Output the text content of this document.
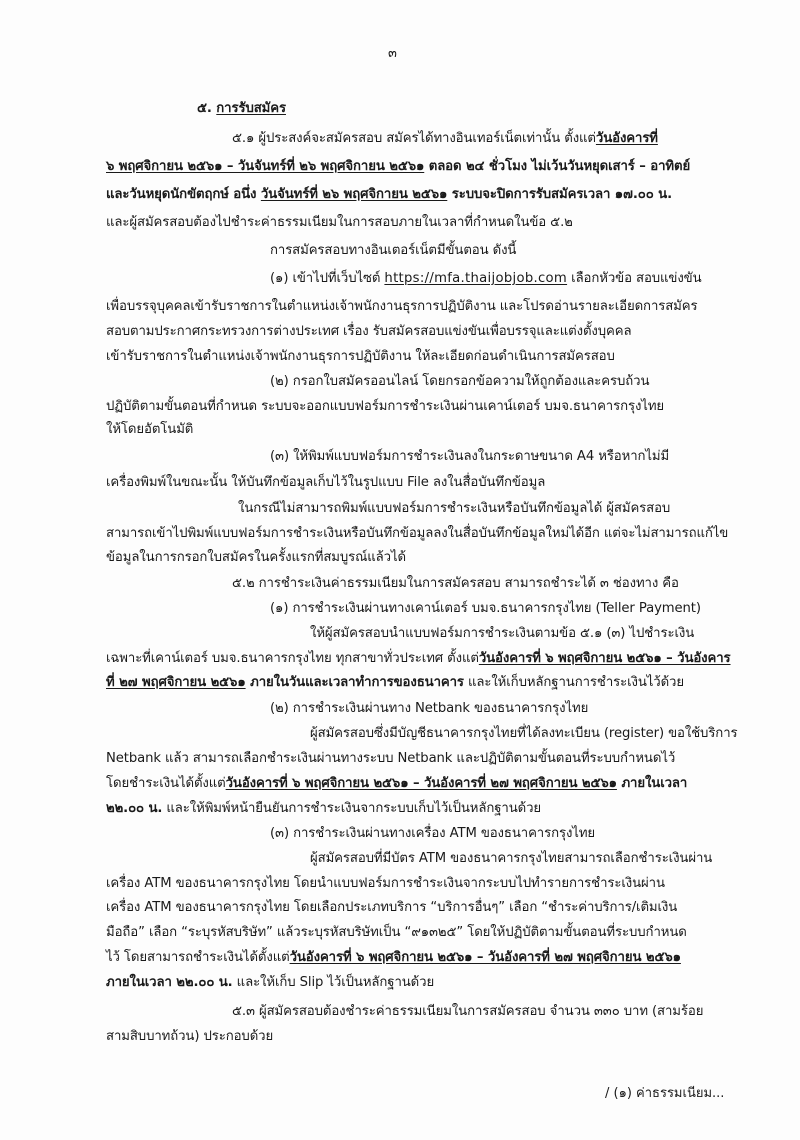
๓
๕. การรับสมัคร
๕.๑ ผู้ประสงค์จะสมัครสอบ สมัครได้ทางอินเทอร์เน็ตเท่านั้น ตั้งแต่วันอังคารที่
๖ พฤศจิกายน ๒๕๖๑ – วันจันทร์ที่ ๒๖ พฤศจิกายน ๒๕๖๑ ตลอด ๒๔ ชั่วโมง ไม่เว้นวันหยุดเสาร์ – อาทิตย์
และวันหยุดนักขัตฤกษ์ อนึ่ง วันจันทร์ที่ ๒๖ พฤศจิกายน ๒๕๖๑ ระบบจะปิดการรับสมัครเวลา ๑๗.๐๐ น.
และผู้สมัครสอบต้องไปชำระค่าธรรมเนียมในการสอบภายในเวลาที่กำหนดในข้อ ๕.๒
การสมัครสอบทางอินเตอร์เน็ตมีขั้นตอน ดังนี้
(๑) เข้าไปที่เว็บไซต์ https://mfa.thaijobjob.com เลือกหัวข้อ สอบแข่งขัน
เพื่อบรรจุบุคคลเข้ารับราชการในตำแหน่งเจ้าพนักงานธุรการปฏิบัติงาน และโปรดอ่านรายละเอียดการสมัคร
สอบตามประกาศกระทรวงการต่างประเทศ เรื่อง รับสมัครสอบแข่งขันเพื่อบรรจุและแต่งตั้งบุคคล
เข้ารับราชการในตำแหน่งเจ้าพนักงานธุรการปฏิบัติงาน ให้ละเอียดก่อนดำเนินการสมัครสอบ
(๒) กรอกใบสมัครออนไลน์ โดยกรอกข้อความให้ถูกต้องและครบถ้วน
ปฏิบัติตามขั้นตอนที่กำหนด ระบบจะออกแบบฟอร์มการชำระเงินผ่านเคาน์เตอร์ บมจ.ธนาคารกรุงไทย
ให้โดยอัตโนมัติ
(๓) ให้พิมพ์แบบฟอร์มการชำระเงินลงในกระดาษขนาด A4 หรือหากไม่มี
เครื่องพิมพ์ในขณะนั้น ให้บันทึกข้อมูลเก็บไว้ในรูปแบบ File ลงในสื่อบันทึกข้อมูล
ในกรณีไม่สามารถพิมพ์แบบฟอร์มการชำระเงินหรือบันทึกข้อมูลได้ ผู้สมัครสอบ
สามารถเข้าไปพิมพ์แบบฟอร์มการชำระเงินหรือบันทึกข้อมูลลงในสื่อบันทึกข้อมูลใหม่ได้อีก แต่จะไม่สามารถแก้ไข
ข้อมูลในการกรอกใบสมัครในครั้งแรกที่สมบูรณ์แล้วได้
๕.๒ การชำระเงินค่าธรรมเนียมในการสมัครสอบ สามารถชำระได้ ๓ ช่องทาง คือ
(๑) การชำระเงินผ่านทางเคาน์เตอร์ บมจ.ธนาคารกรุงไทย (Teller Payment)
ให้ผู้สมัครสอบนำแบบฟอร์มการชำระเงินตามข้อ ๕.๑ (๓) ไปชำระเงิน
เฉพาะที่เคาน์เตอร์ บมจ.ธนาคารกรุงไทย ทุกสาขาทั่วประเทศ ตั้งแต่วันอังคารที่ ๖ พฤศจิกายน ๒๕๖๑ – วันอังคาร
ที่ ๒๗ พฤศจิกายน ๒๕๖๑ ภายในวันและเวลาทำการของธนาคาร และให้เก็บหลักฐานการชำระเงินไว้ด้วย
(๒) การชำระเงินผ่านทาง Netbank ของธนาคารกรุงไทย
ผู้สมัครสอบซึ่งมีบัญชีธนาคารกรุงไทยที่ได้ลงทะเบียน (register) ขอใช้บริการ
Netbank แล้ว สามารถเลือกชำระเงินผ่านทางระบบ Netbank และปฏิบัติตามขั้นตอนที่ระบบกำหนดไว้
โดยชำระเงินได้ตั้งแต่วันอังคารที่ ๖ พฤศจิกายน ๒๕๖๑ – วันอังคารที่ ๒๗ พฤศจิกายน ๒๕๖๑ ภายในเวลา
๒๒.๐๐ น. และให้พิมพ์หน้ายืนยันการชำระเงินจากระบบเก็บไว้เป็นหลักฐานด้วย
(๓) การชำระเงินผ่านทางเครื่อง ATM ของธนาคารกรุงไทย
ผู้สมัครสอบที่มีบัตร ATM ของธนาคารกรุงไทยสามารถเลือกชำระเงินผ่าน
เครื่อง ATM ของธนาคารกรุงไทย โดยนำแบบฟอร์มการชำระเงินจากระบบไปทำรายการชำระเงินผ่าน
เครื่อง ATM ของธนาคารกรุงไทย โดยเลือกประเภทบริการ “บริการอื่นๆ” เลือก “ชำระค่าบริการ/เติมเงิน
มือถือ” เลือก “ระบุรหัสบริษัท” แล้วระบุรหัสบริษัทเป็น “๙๑๓๒๕” โดยให้ปฏิบัติตามขั้นตอนที่ระบบกำหนด
ไว้ โดยสามารถชำระเงินได้ตั้งแต่วันอังคารที่ ๖ พฤศจิกายน ๒๕๖๑ – วันอังคารที่ ๒๗ พฤศจิกายน ๒๕๖๑
ภายในเวลา ๒๒.๐๐ น. และให้เก็บ Slip ไว้เป็นหลักฐานด้วย
๕.๓ ผู้สมัครสอบต้องชำระค่าธรรมเนียมในการสมัครสอบ จำนวน ๓๓๐ บาท (สามร้อย
สามสิบบาทถ้วน) ประกอบด้วย
/ (๑) ค่าธรรมเนียม...
